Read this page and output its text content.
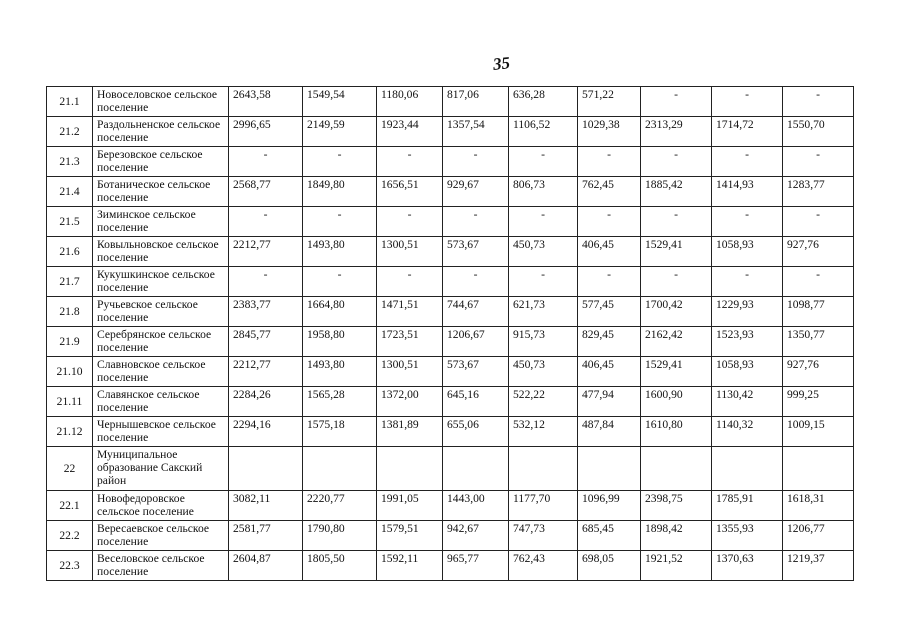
35
21.1	Новоселовское сельское поселение	2643,58	1549,54	1180,06	817,06	636,28	571,22	-	-	-
21.2	Раздольненское сельское поселение	2996,65	2149,59	1923,44	1357,54	1106,52	1029,38	2313,29	1714,72	1550,70
21.3	Березовское сельское поселение	-	-	-	-	-	-	-	-	-
21.4	Ботаническое сельское поселение	2568,77	1849,80	1656,51	929,67	806,73	762,45	1885,42	1414,93	1283,77
21.5	Зиминское сельское поселение	-	-	-	-	-	-	-	-	-
21.6	Ковыльновское сельское поселение	2212,77	1493,80	1300,51	573,67	450,73	406,45	1529,41	1058,93	927,76
21.7	Кукушкинское сельское поселение	-	-	-	-	-	-	-	-	-
21.8	Ручьевское сельское поселение	2383,77	1664,80	1471,51	744,67	621,73	577,45	1700,42	1229,93	1098,77
21.9	Серебрянское сельское поселение	2845,77	1958,80	1723,51	1206,67	915,73	829,45	2162,42	1523,93	1350,77
21.10	Славновское сельское поселение	2212,77	1493,80	1300,51	573,67	450,73	406,45	1529,41	1058,93	927,76
21.11	Славянское сельское поселение	2284,26	1565,28	1372,00	645,16	522,22	477,94	1600,90	1130,42	999,25
21.12	Чернышевское сельское поселение	2294,16	1575,18	1381,89	655,06	532,12	487,84	1610,80	1140,32	1009,15
22	Муниципальное образование Сакский район									
22.1	Новофедоровское сельское поселение	3082,11	2220,77	1991,05	1443,00	1177,70	1096,99	2398,75	1785,91	1618,31
22.2	Вересаевское сельское поселение	2581,77	1790,80	1579,51	942,67	747,73	685,45	1898,42	1355,93	1206,77
22.3	Веселовское сельское поселение	2604,87	1805,50	1592,11	965,77	762,43	698,05	1921,52	1370,63	1219,37
